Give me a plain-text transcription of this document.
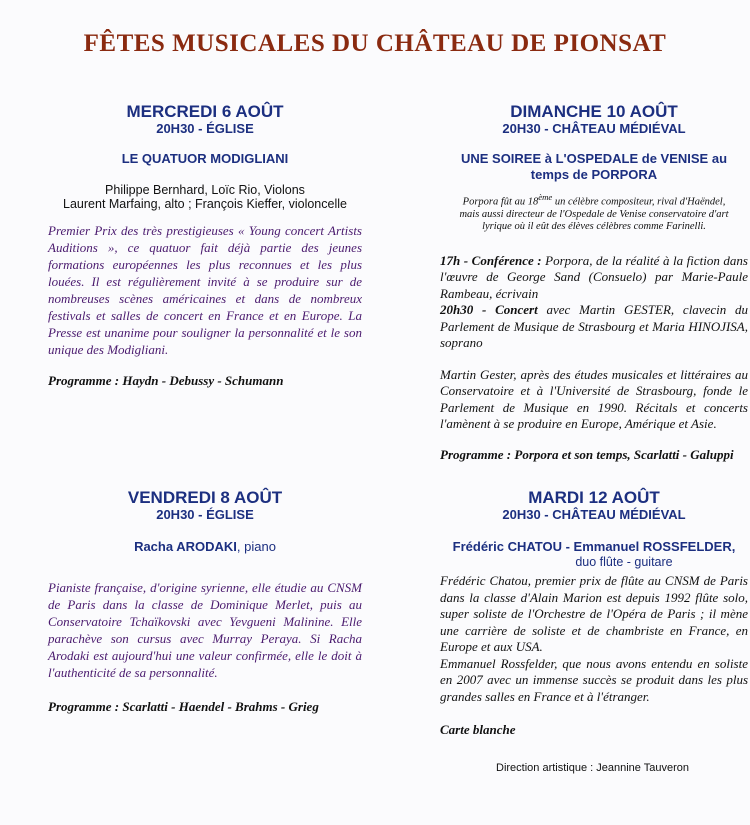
FÊTES MUSICALES DU CHÂTEAU DE PIONSAT
MERCREDI 6 AOÛT
20H30 - ÉGLISE
LE QUATUOR MODIGLIANI
Philippe Bernhard, Loïc Rio, Violons
Laurent Marfaing, alto ; François Kieffer, violoncelle
Premier Prix des très prestigieuses « Young concert Artists Auditions », ce quatuor fait déjà partie des jeunes formations européennes les plus reconnues et les plus louées. Il est régulièrement invité à se produire sur de nombreuses scènes américaines et dans de nombreux festivals et salles de concert en France et en Europe. La Presse est unanime pour souligner la personnalité et le son unique des Modigliani.
Programme : Haydn - Debussy - Schumann
DIMANCHE 10 AOÛT
20H30 - CHÂTEAU MÉDIÉVAL
UNE SOIREE à L'OSPEDALE de VENISE au temps de PORPORA
Porpora fût au 18ème un célèbre compositeur, rival d'Haëndel, mais aussi directeur de l'Ospedale de Venise conservatoire d'art lyrique où il eût des élèves célèbres comme Farinelli.
17h - Conférence : Porpora, de la réalité à la fiction dans l'œuvre de George Sand (Consuelo) par Marie-Paule Rambeau, écrivain
20h30 - Concert avec Martin GESTER, clavecin du Parlement de Musique de Strasbourg et Maria HINOJISA, soprano
Martin Gester, après des études musicales et littéraires au Conservatoire et à l'Université de Strasbourg, fonde le Parlement de Musique en 1990. Récitals et concerts l'amènent à se produire en Europe, Amérique et Asie.
Programme : Porpora et son temps, Scarlatti - Galuppi
VENDREDI 8 AOÛT
20H30 - ÉGLISE
Racha ARODAKI, piano
Pianiste française, d'origine syrienne, elle étudie au CNSM de Paris dans la classe de Dominique Merlet, puis au Conservatoire Tchaïkovski avec Yevgueni Malinine. Elle parachève son cursus avec Murray Peraya. Si Racha Arodaki est aujourd'hui une valeur confirmée, elle le doit à l'authenticité de sa personnalité.
Programme : Scarlatti - Haendel - Brahms - Grieg
MARDI 12 AOÛT
20H30 - CHÂTEAU MÉDIÉVAL
Frédéric CHATOU - Emmanuel ROSSFELDER,
duo flûte - guitare
Frédéric Chatou, premier prix de flûte au CNSM de Paris dans la classe d'Alain Marion est depuis 1992 flûte solo, super soliste de l'Orchestre de l'Opéra de Paris ; il mène une carrière de soliste et de chambriste en France, en Europe et aux USA.
Emmanuel Rossfelder, que nous avons entendu en soliste en 2007 avec un immense succès se produit dans les plus grandes salles en France et à l'étranger.
Carte blanche
Direction artistique : Jeannine Tauveron
